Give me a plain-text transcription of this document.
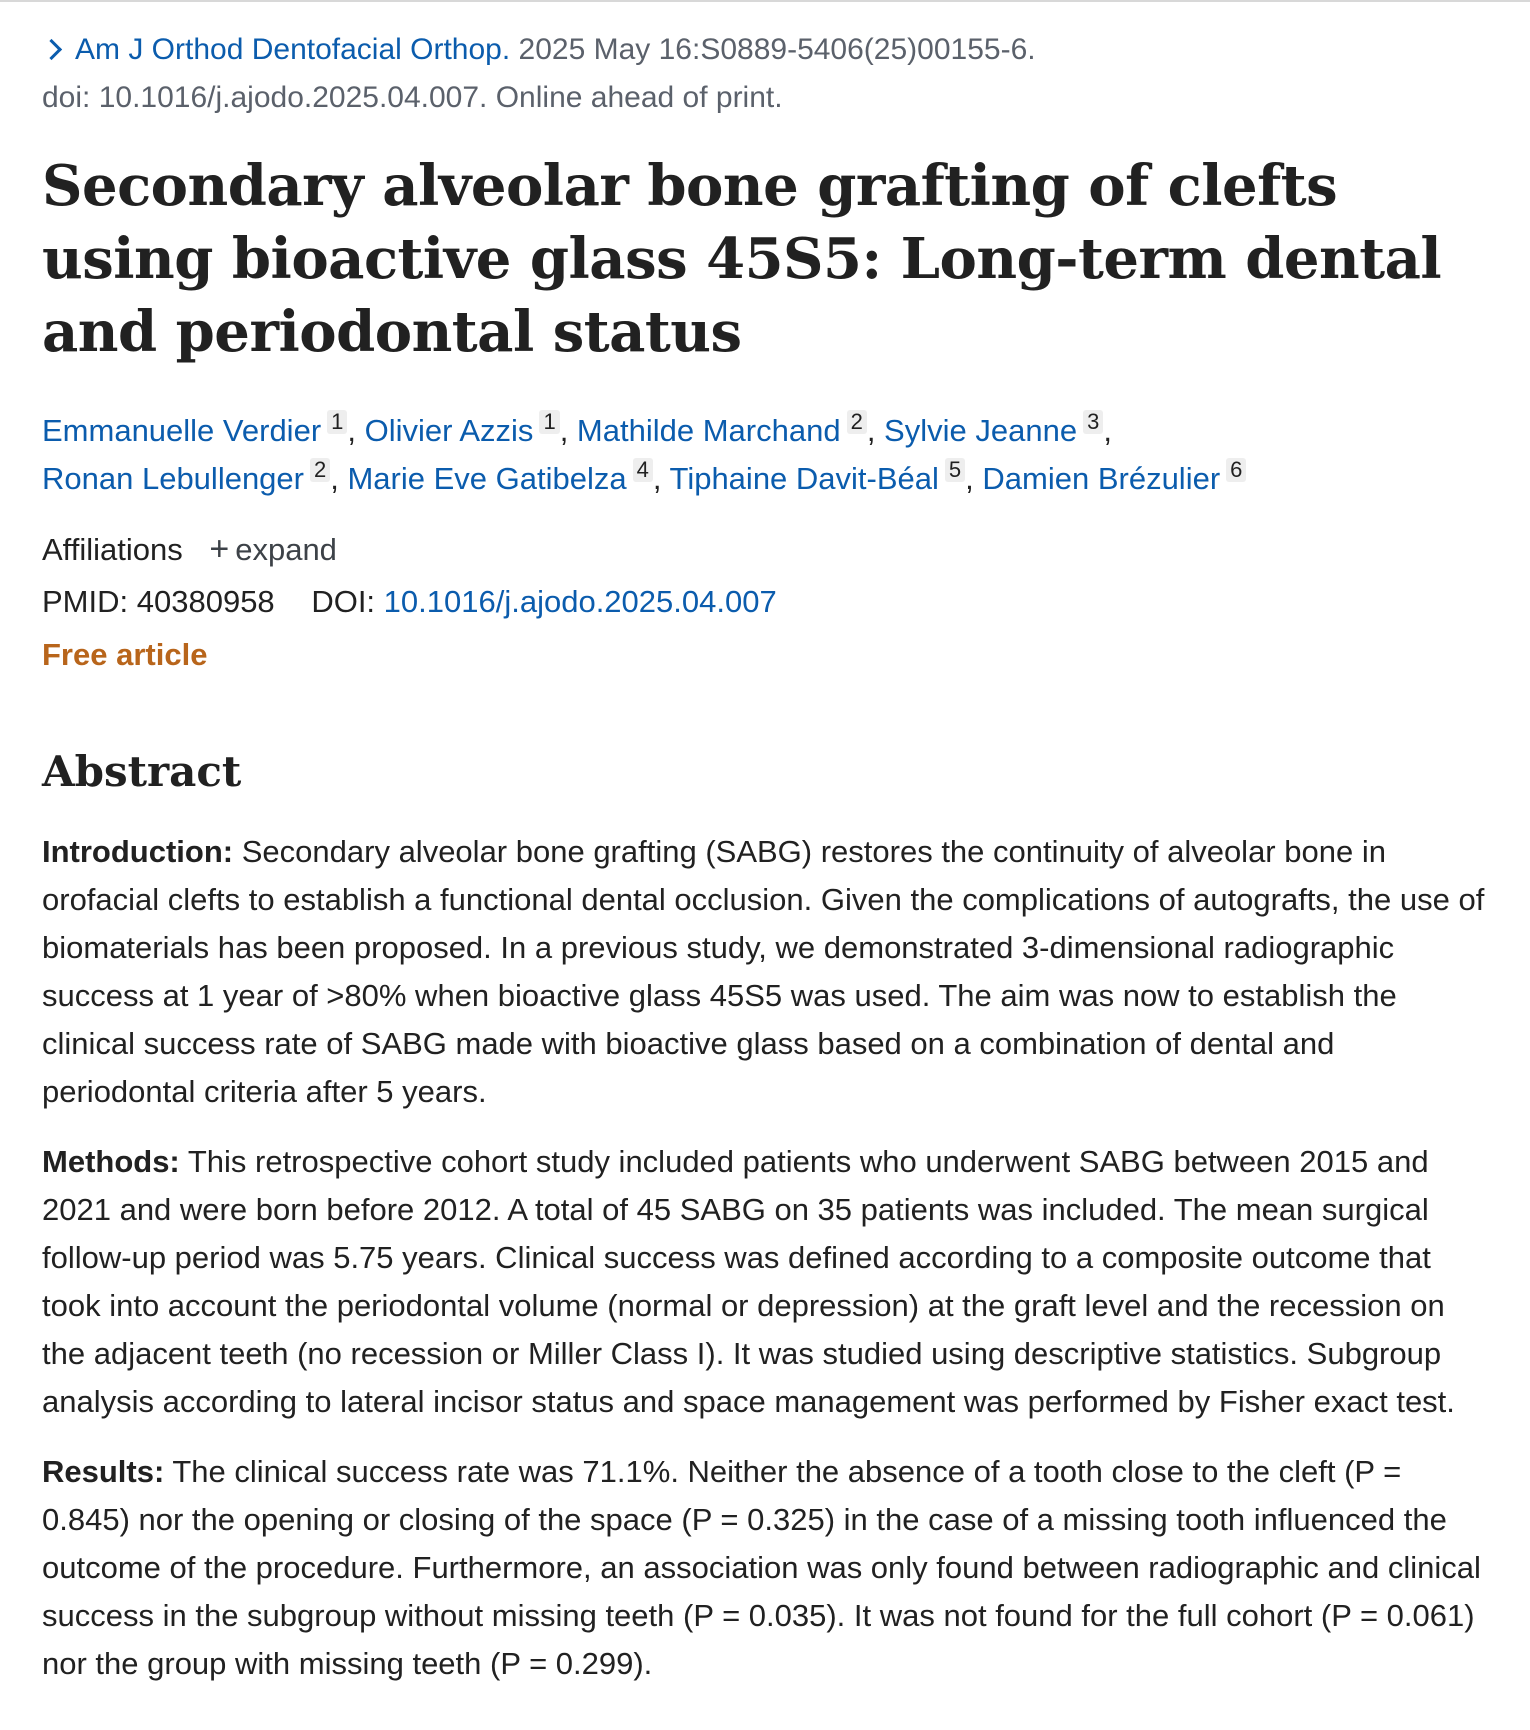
Am J Orthod Dentofacial Orthop. 2025 May 16:S0889-5406(25)00155-6.
doi: 10.1016/j.ajodo.2025.04.007. Online ahead of print.
Secondary alveolar bone grafting of clefts using bioactive glass 45S5: Long-term dental and periodontal status
Emmanuelle Verdier 1 , Olivier Azzis 1 , Mathilde Marchand 2 , Sylvie Jeanne 3 ,
Ronan Lebullenger 2 , Marie Eve Gatibelza 4 , Tiphaine Davit-Béal 5 , Damien Brézulier 6
Affiliations + expand
PMID: 40380958 DOI: 10.1016/j.ajodo.2025.04.007
Free article
Abstract

Introduction: Secondary alveolar bone grafting (SABG) restores the continuity of alveolar bone in orofacial clefts to establish a functional dental occlusion. Given the complications of autografts, the use of biomaterials has been proposed. In a previous study, we demonstrated 3-dimensional radiographic success at 1 year of >80% when bioactive glass 45S5 was used. The aim was now to establish the clinical success rate of SABG made with bioactive glass based on a combination of dental and periodontal criteria after 5 years.

Methods: This retrospective cohort study included patients who underwent SABG between 2015 and 2021 and were born before 2012. A total of 45 SABG on 35 patients was included. The mean surgical follow-up period was 5.75 years. Clinical success was defined according to a composite outcome that took into account the periodontal volume (normal or depression) at the graft level and the recession on the adjacent teeth (no recession or Miller Class I). It was studied using descriptive statistics. Subgroup analysis according to lateral incisor status and space management was performed by Fisher exact test.

Results: The clinical success rate was 71.1%. Neither the absence of a tooth close to the cleft (P = 0.845) nor the opening or closing of the space (P = 0.325) in the case of a missing tooth influenced the outcome of the procedure. Furthermore, an association was only found between radiographic and clinical success in the subgroup without missing teeth (P = 0.035). It was not found for the full cohort (P = 0.061) nor the group with missing teeth (P = 0.299).
